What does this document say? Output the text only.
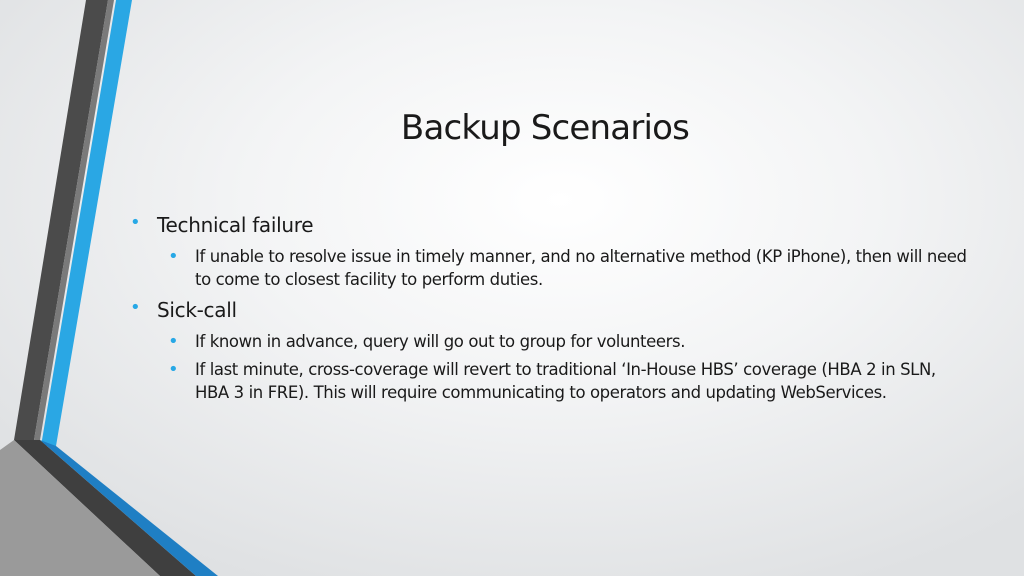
Backup Scenarios
• Technical failure
• If unable to resolve issue in timely manner, and no alternative method (KP iPhone), then will need to come to closest facility to perform duties.
• Sick-call
• If known in advance, query will go out to group for volunteers.
• If last minute, cross-coverage will revert to traditional ‘In-House HBS’ coverage (HBA 2 in SLN, HBA 3 in FRE). This will require communicating to operators and updating WebServices.
